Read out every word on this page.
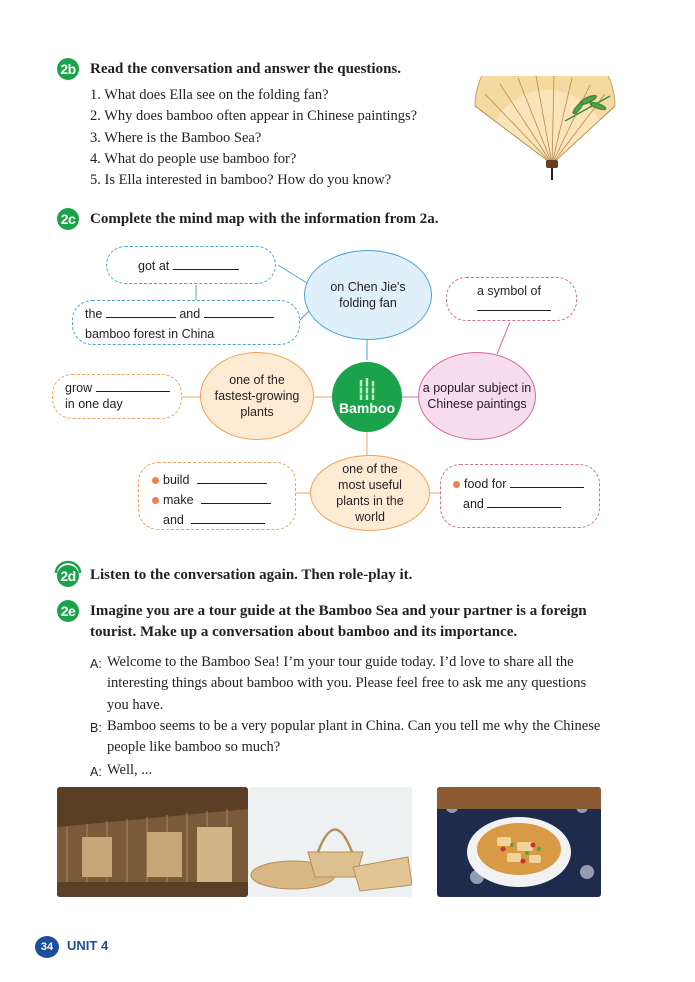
2b Read the conversation and answer the questions.
1. What does Ella see on the folding fan?
2. Why does bamboo often appear in Chinese paintings?
3. Where is the Bamboo Sea?
4. What do people use bamboo for?
5. Is Ella interested in bamboo? How do you know?
2c Complete the mind map with the information from 2a.
got at
the	and
bamboo forest in China
on Chen Jie's folding fan
a symbol of
grow
in one day
one of the fastest-growing plants	Bamboo
a popular subject in Chinese paintings
build
make
and
one of the most useful plants in the world
food for
and
2d Listen to the conversation again. Then role-play it.
2e Imagine you are a tour guide at the Bamboo Sea and your partner is a foreign tourist. Make up a conversation about bamboo and its importance.
A: Welcome to the Bamboo Sea! I’m your tour guide today. I’d love to share all the interesting things about bamboo with you. Please feel free to ask me any questions you have.
B: Bamboo seems to be a very popular plant in China. Can you tell me why the Chinese people like bamboo so much?
A: Well, ...
34	UNIT 4
